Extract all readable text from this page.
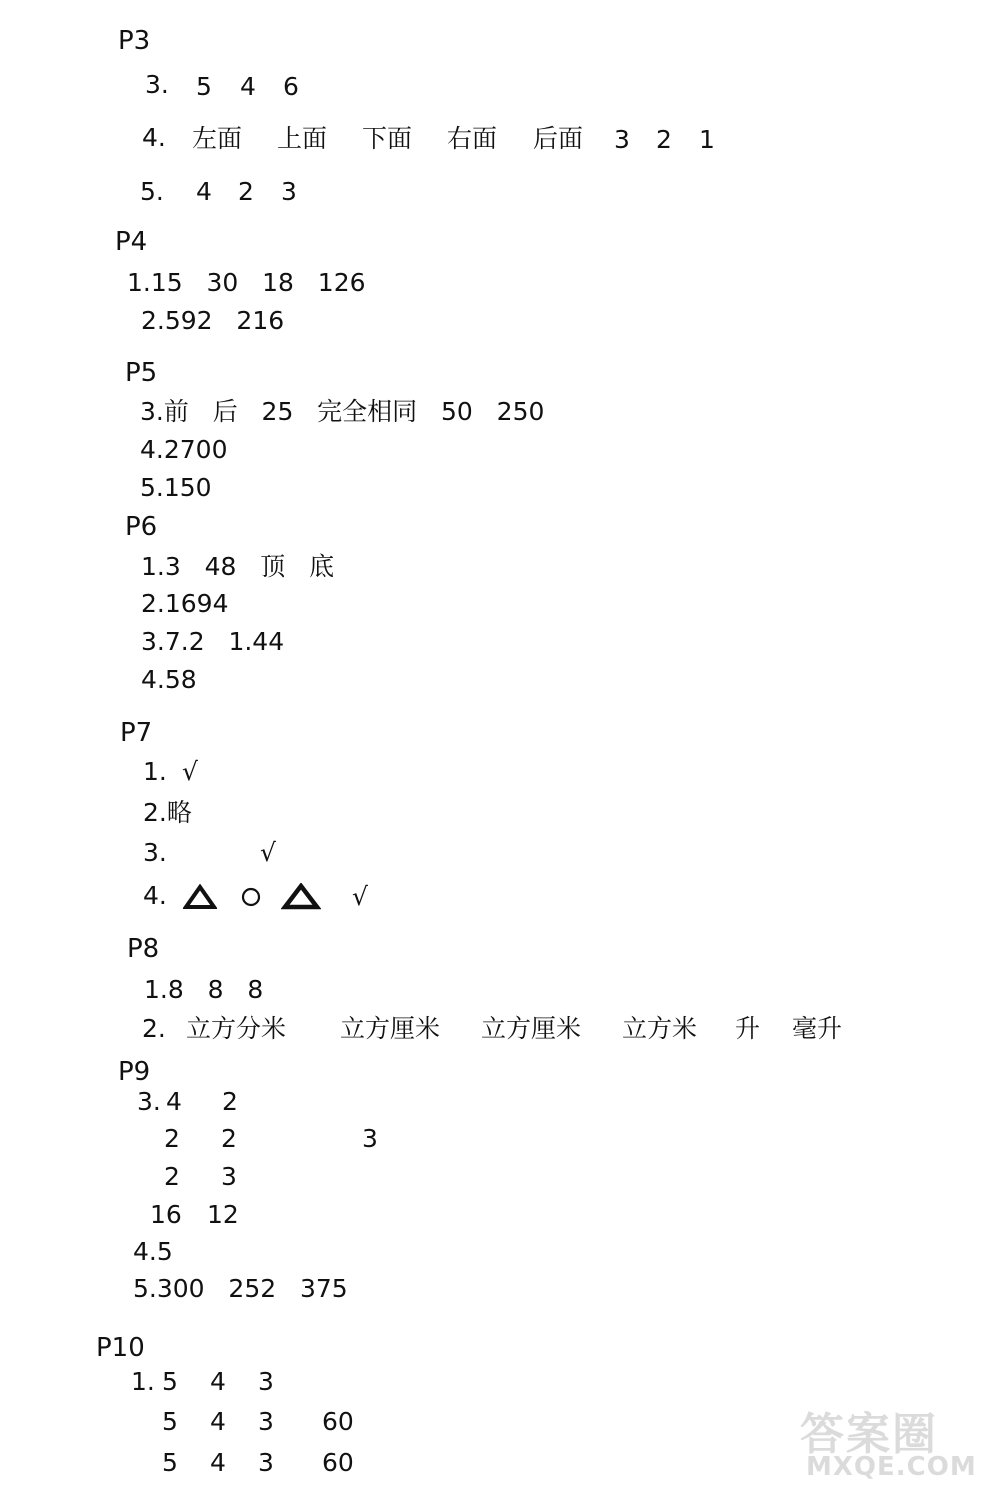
P3
3. 5 4 6
4. 左面 上面 下面 右面 后面 3 2 1
5. 4 2 3
P4
1.15   30   18   126
2.592   216
P5
3.前   后   25   完全相同   50   250
4.2700
5.150
P6
1.3   48   顶   底
2.1694
3.7.2   1.44
4.58
P7
1. √
2.略
3.	√
4.	√
P8
1.8   8   8
2. 立方分米 立方厘米 立方厘米 立方米 升 毫升
P9
3. 4 2
2 2	3
2 3
16 12
4.5
5.300   252   375
P10
1. 5 4 3
5 4 3 60
5 4 3 60
答案圈
MXQE.COM
